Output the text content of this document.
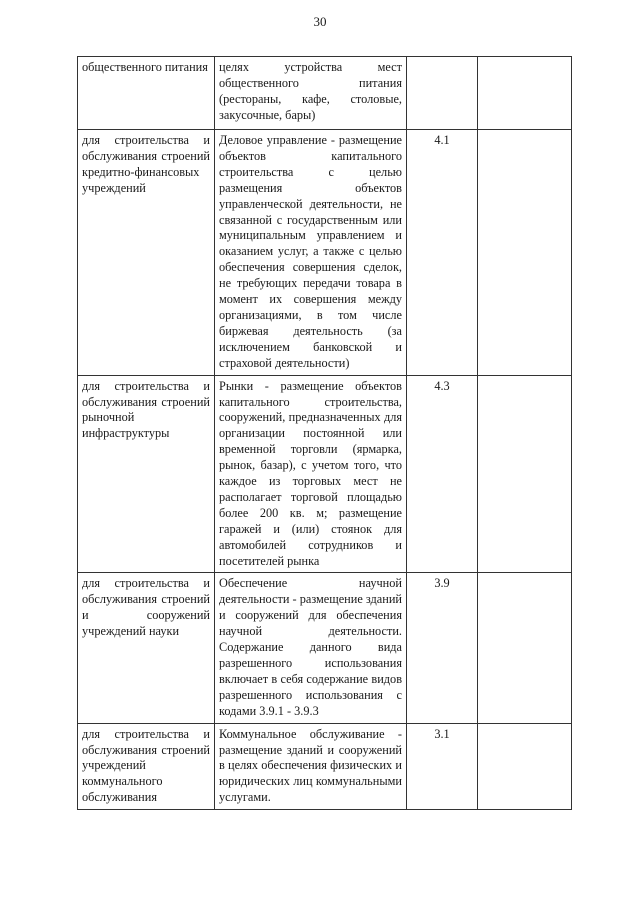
30
общественного питания	целях устройства мест общественного питания (рестораны, кафе, столовые, закусочные, бары)		
для строительства и обслуживания строений кредитно-финансовых учреждений	Деловое управление - размещение объектов капитального строительства с целью размещения объектов управленческой деятельности, не связанной с государственным или муниципальным управлением и оказанием услуг, а также с целью обеспечения совершения сделок, не требующих передачи товара в момент их совершения между организациями, в том числе биржевая деятельность (за исключением банковской и страховой деятельности)	4.1	
для строительства и обслуживания строений рыночной инфраструктуры	Рынки - размещение объектов капитального строительства, сооружений, предназначенных для организации постоянной или временной торговли (ярмарка, рынок, базар), с учетом того, что каждое из торговых мест не располагает торговой площадью более 200 кв. м; размещение гаражей и (или) стоянок для автомобилей сотрудников и посетителей рынка	4.3	
для строительства и обслуживания строений и сооружений учреждений науки	Обеспечение научной деятельности - размещение зданий и сооружений для обеспечения научной деятельности. Содержание данного вида разрешенного использования включает в себя содержание видов разрешенного использования с кодами 3.9.1 - 3.9.3	3.9	
для строительства и обслуживания строений учреждений коммунального обслуживания	Коммунальное обслуживание - размещение зданий и сооружений в целях обеспечения физических и юридических лиц коммунальными услугами.	3.1	
